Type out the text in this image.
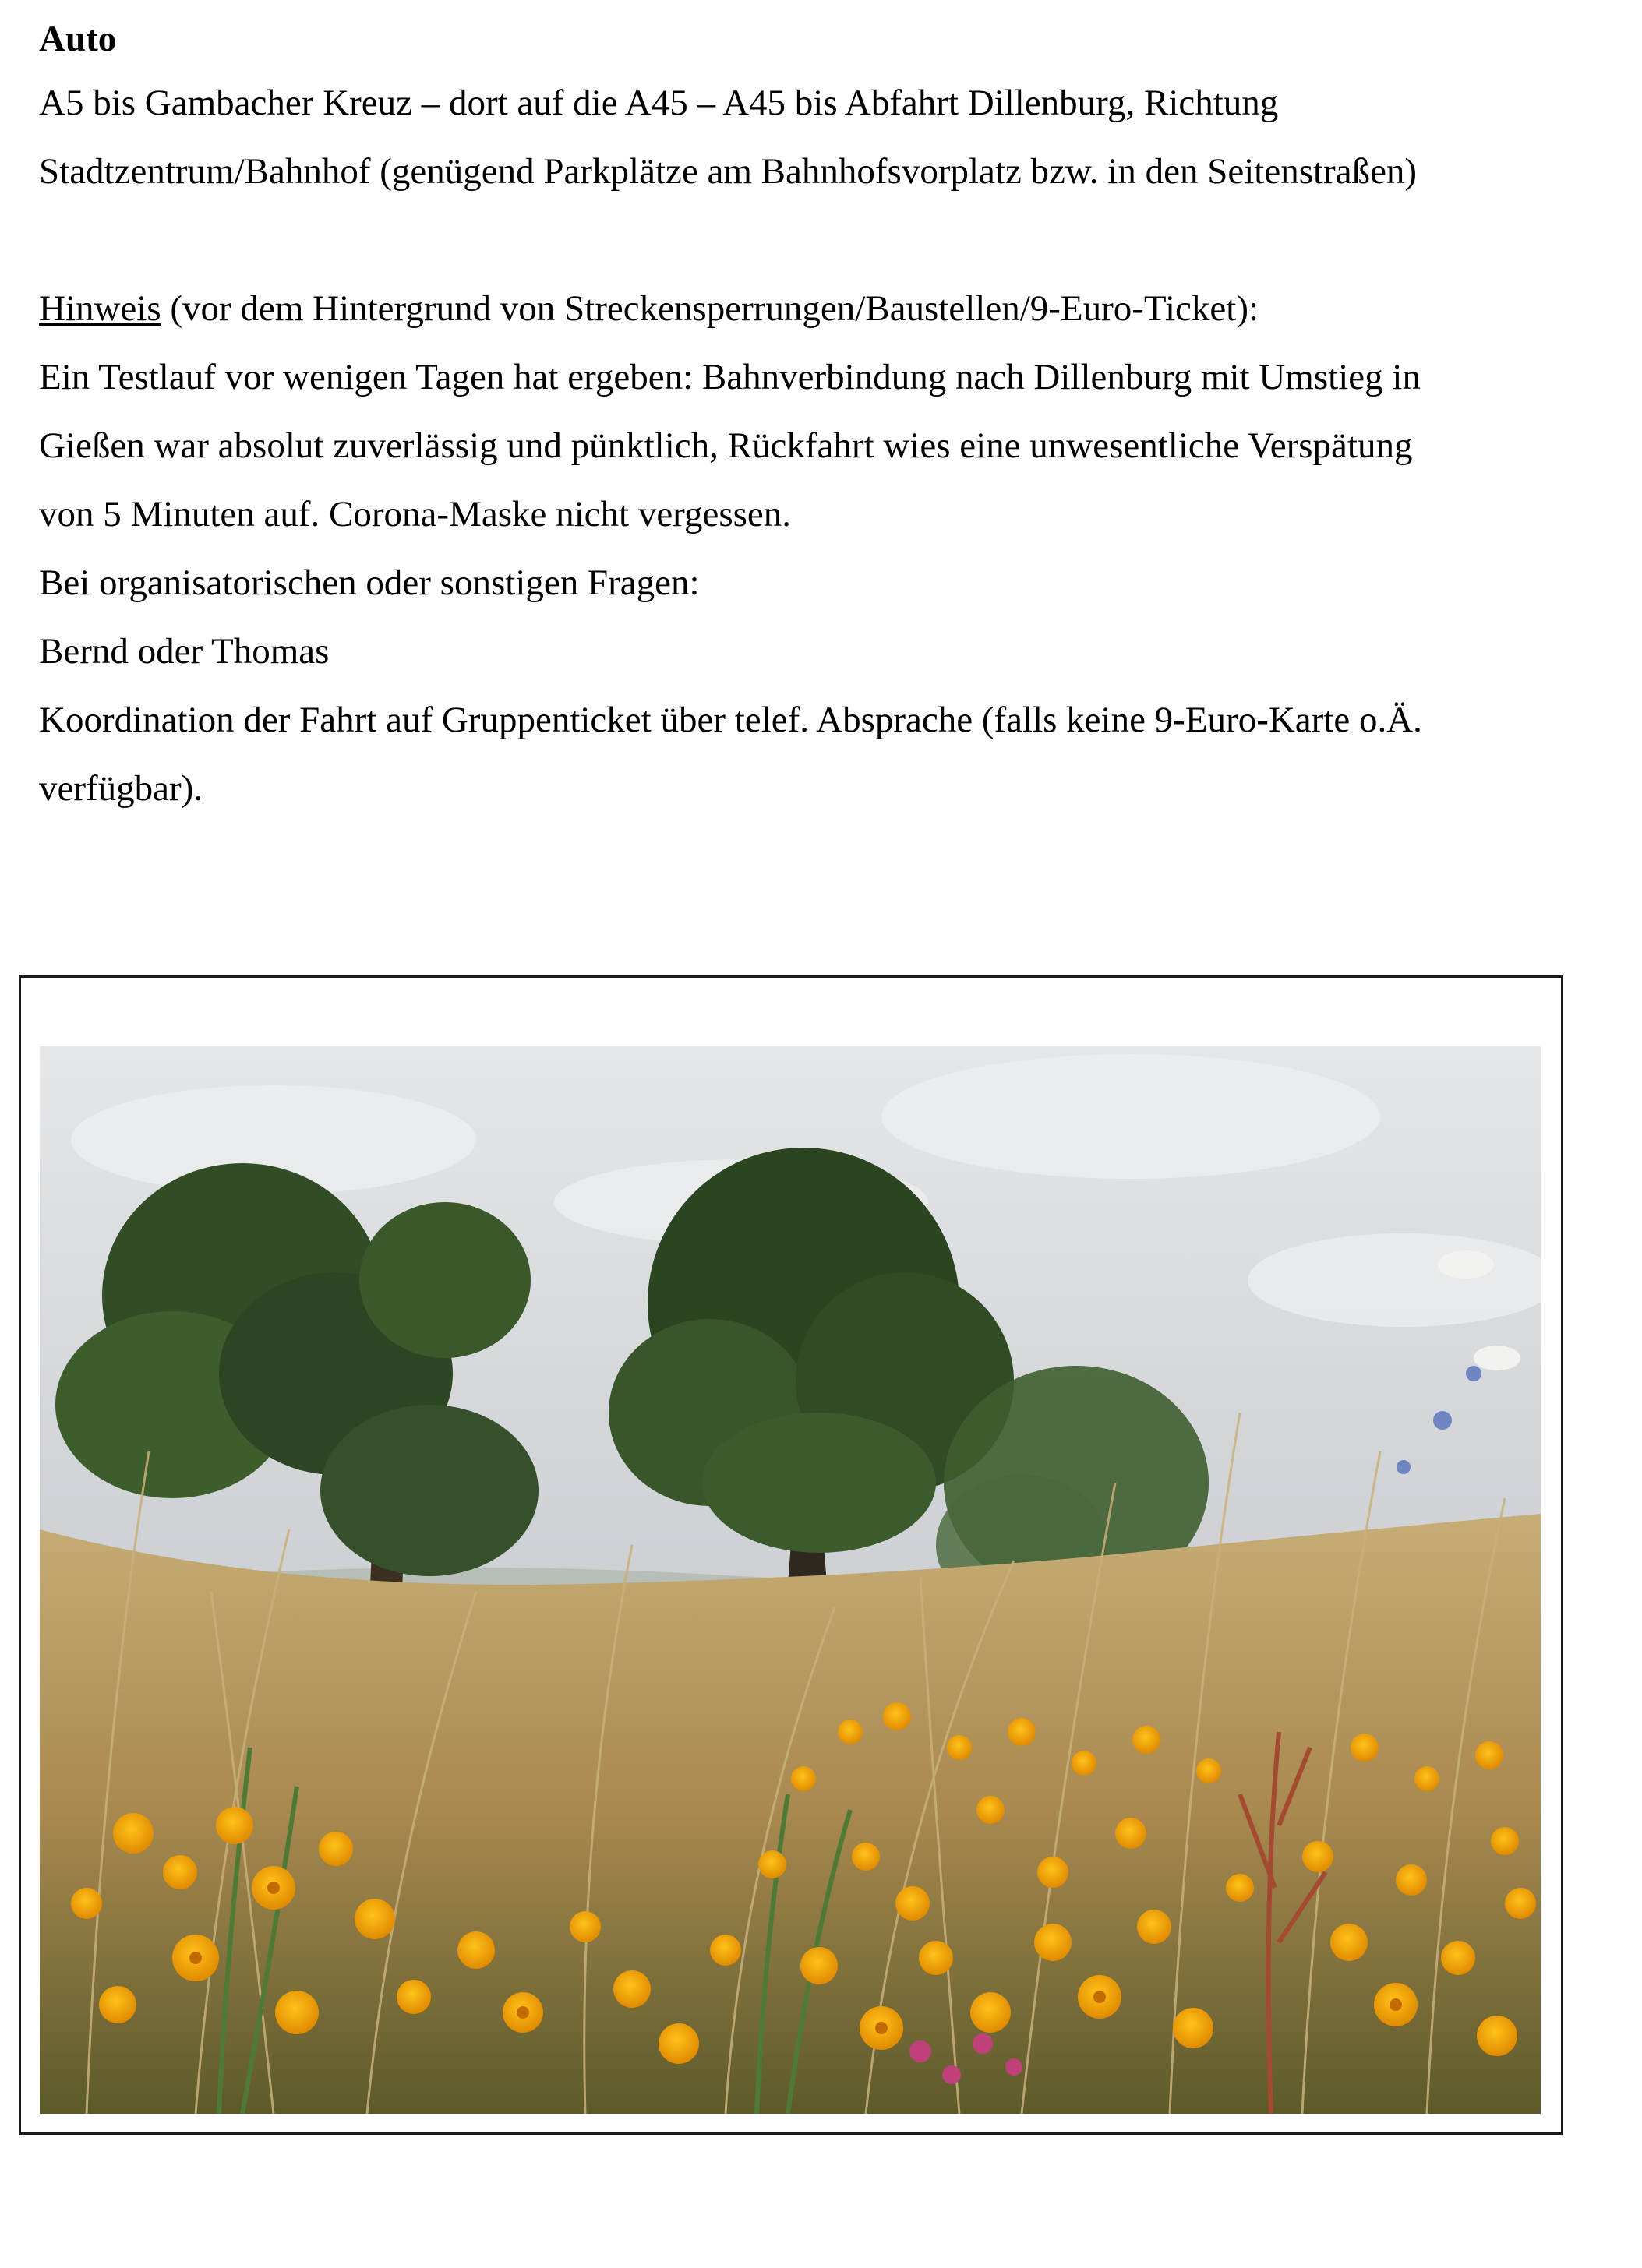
Auto
A5 bis Gambacher Kreuz – dort auf die A45 – A45 bis Abfahrt Dillenburg, Richtung
Stadtzentrum/Bahnhof (genügend Parkplätze am Bahnhofsvorplatz bzw. in den Seitenstraßen)
Hinweis (vor dem Hintergrund von Streckensperrungen/Baustellen/9-Euro-Ticket):
Ein Testlauf vor wenigen Tagen hat ergeben: Bahnverbindung nach Dillenburg mit Umstieg in
Gießen war absolut zuverlässig und pünktlich, Rückfahrt wies eine unwesentliche Verspätung
von 5 Minuten auf. Corona-Maske nicht vergessen.
Bei organisatorischen oder sonstigen Fragen:
Bernd oder Thomas
Koordination der Fahrt auf Gruppenticket über telef. Absprache (falls keine 9-Euro-Karte o.Ä.
verfügbar).
